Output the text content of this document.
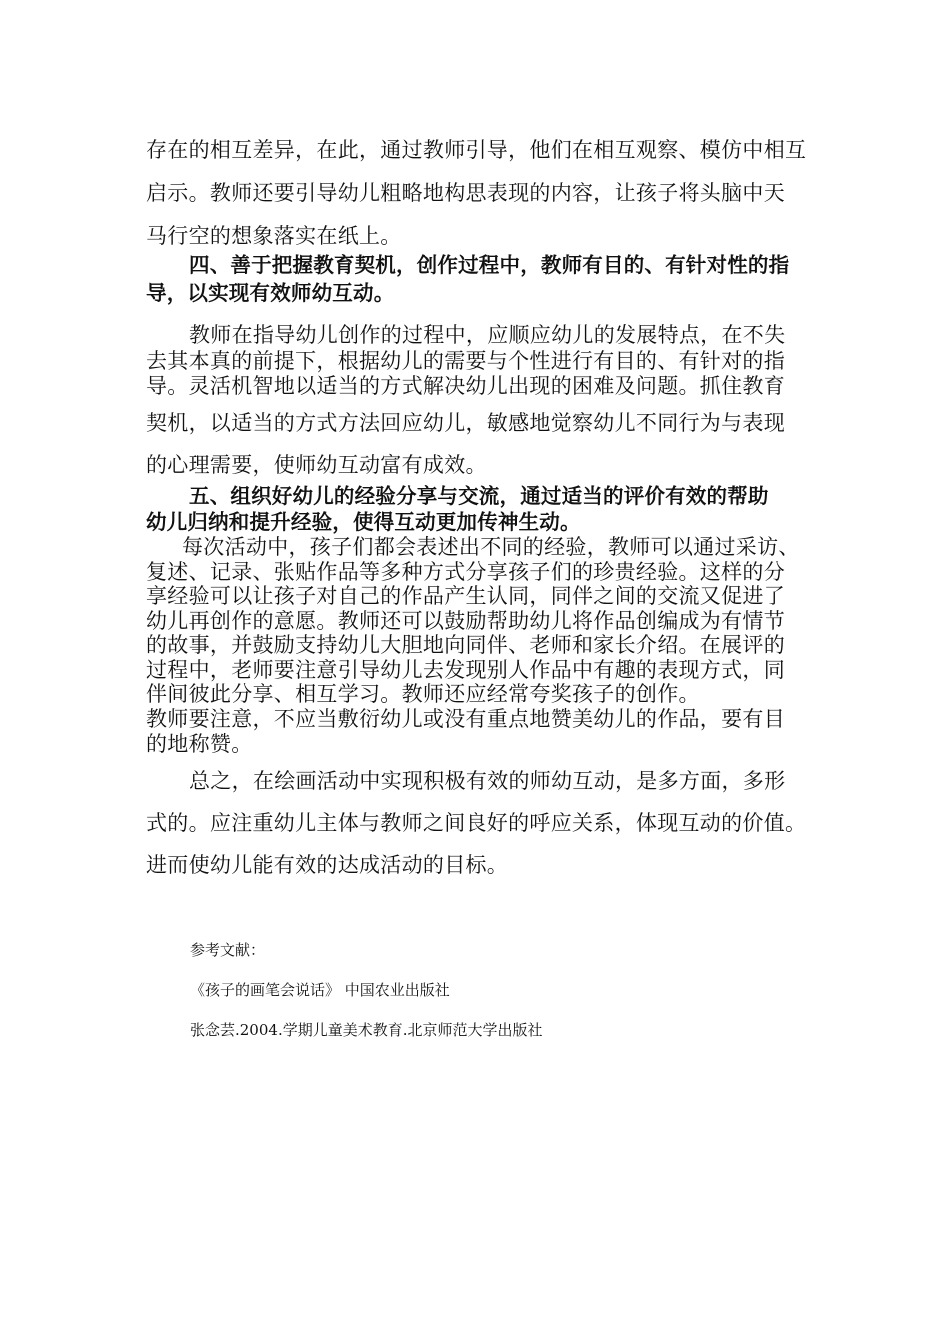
存在的相互差异，在此，通过教师引导，他们在相互观察、模仿中相互
启示。教师还要引导幼儿粗略地构思表现的内容，让孩子将头脑中天
马行空的想象落实在纸上。
四、善于把握教育契机，创作过程中，教师有目的、有针对性的指
导，以实现有效师幼互动。
教师在指导幼儿创作的过程中，应顺应幼儿的发展特点，在不失
去其本真的前提下，根据幼儿的需要与个性进行有目的、有针对的指
导。灵活机智地以适当的方式解决幼儿出现的困难及问题。抓住教育
契机，以适当的方式方法回应幼儿，敏感地觉察幼儿不同行为与表现
的心理需要，使师幼互动富有成效。
五、组织好幼儿的经验分享与交流，通过适当的评价有效的帮助
幼儿归纳和提升经验，使得互动更加传神生动。
每次活动中，孩子们都会表述出不同的经验，教师可以通过采访、
复述、记录、张贴作品等多种方式分享孩子们的珍贵经验。这样的分
享经验可以让孩子对自己的作品产生认同，同伴之间的交流又促进了
幼儿再创作的意愿。教师还可以鼓励帮助幼儿将作品创编成为有情节
的故事，并鼓励支持幼儿大胆地向同伴、老师和家长介绍。在展评的
过程中，老师要注意引导幼儿去发现别人作品中有趣的表现方式，同
伴间彼此分享、相互学习。教师还应经常夸奖孩子的创作。
教师要注意，不应当敷衍幼儿或没有重点地赞美幼儿的作品，要有目
的地称赞。
总之，在绘画活动中实现积极有效的师幼互动，是多方面，多形
式的。应注重幼儿主体与教师之间良好的呼应关系，体现互动的价值。
进而使幼儿能有效的达成活动的目标。
参考文献：
《孩子的画笔会说话》 中国农业出版社
张念芸.2004.学期儿童美术教育.北京师范大学出版社
